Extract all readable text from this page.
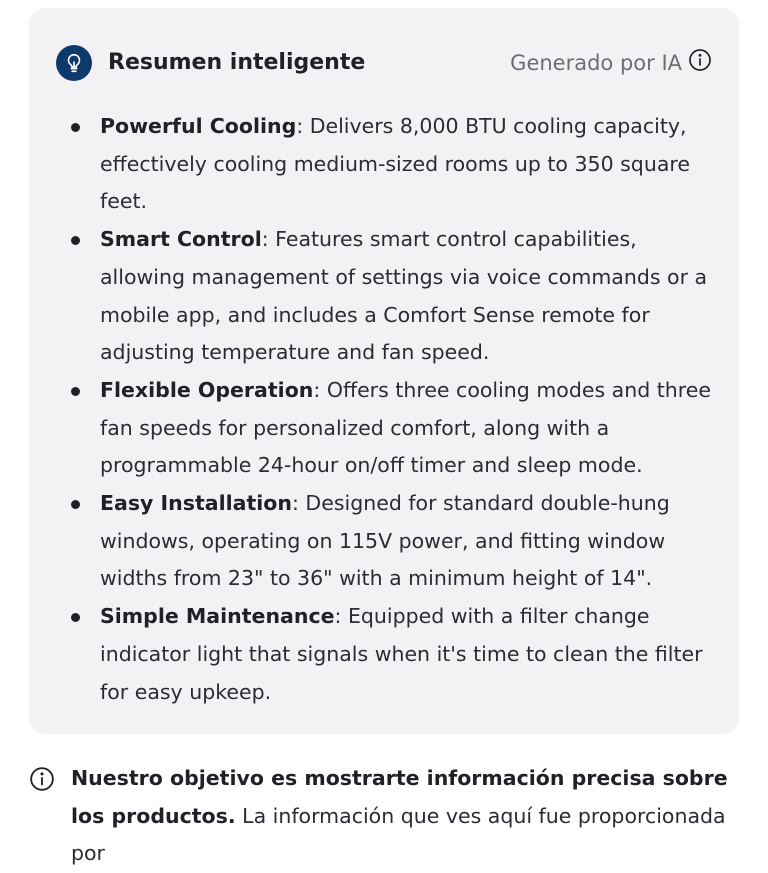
Resumen inteligente	Generado por IA
Powerful Cooling: Delivers 8,000 BTU cooling capacity, effectively cooling medium-sized rooms up to 350 square feet.
Smart Control: Features smart control capabilities, allowing management of settings via voice commands or a mobile app, and includes a Comfort Sense remote for adjusting temperature and fan speed.
Flexible Operation: Offers three cooling modes and three fan speeds for personalized comfort, along with a programmable 24-hour on/off timer and sleep mode.
Easy Installation: Designed for standard double-hung windows, operating on 115V power, and fitting window widths from 23" to 36" with a minimum height of 14".
Simple Maintenance: Equipped with a filter change indicator light that signals when it's time to clean the filter for easy upkeep.
Nuestro objetivo es mostrarte información precisa sobre los productos. La información que ves aquí fue proporcionada por
